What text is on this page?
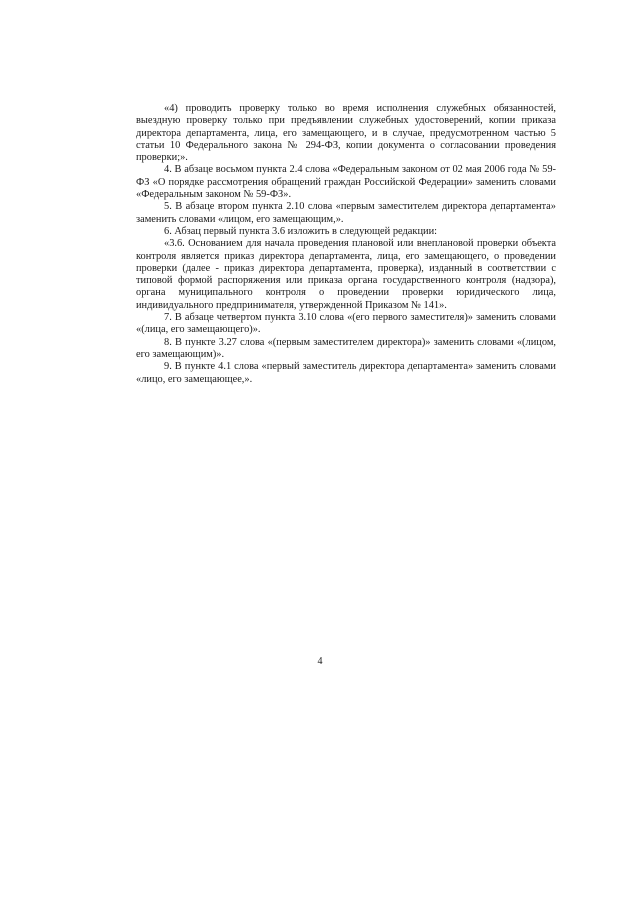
«4) проводить проверку только во время исполнения служебных обязанностей, выездную проверку только при предъявлении служебных удостоверений, копии приказа директора департамента, лица, его замещающего, и в случае, предусмотренном частью 5 статьи 10 Федерального закона № 294-ФЗ, копии документа о согласовании проведения проверки;».

4. В абзаце восьмом пункта 2.4 слова «Федеральным законом от 02 мая 2006 года № 59-ФЗ «О порядке рассмотрения обращений граждан Российской Федерации» заменить словами «Федеральным законом № 59-ФЗ».

5. В абзаце втором пункта 2.10 слова «первым заместителем директора департамента» заменить словами «лицом, его замещающим,».

6. Абзац первый пункта 3.6 изложить в следующей редакции:

«3.6. Основанием для начала проведения плановой или внеплановой проверки объекта контроля является приказ директора департамента, лица, его замещающего, о проведении проверки (далее - приказ директора департамента, проверка), изданный в соответствии с типовой формой распоряжения или приказа органа государственного контроля (надзора), органа муниципального контроля о проведении проверки юридического лица, индивидуального предпринимателя, утвержденной Приказом № 141».

7. В абзаце четвертом пункта 3.10 слова «(его первого заместителя)» заменить словами «(лица, его замещающего)».

8. В пункте 3.27 слова «(первым заместителем директора)» заменить словами «(лицом, его замещающим)».

9. В пункте 4.1 слова «первый заместитель директора департамента» заменить словами «лицо, его замещающее,».

4
